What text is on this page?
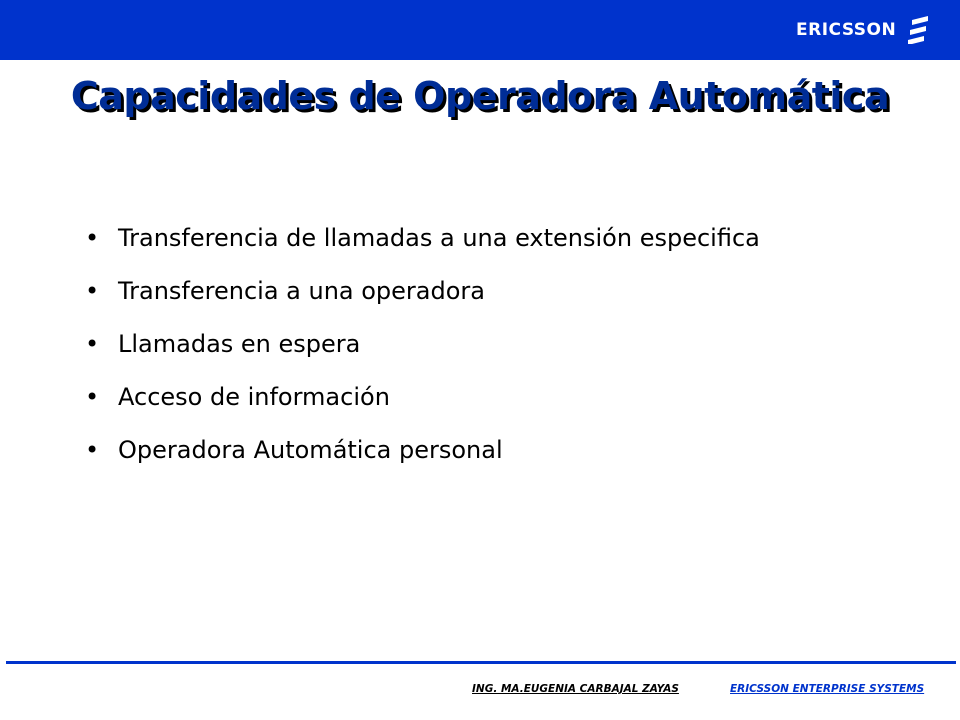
ERICSSON
Capacidades de Operadora Automática
• Transferencia de llamadas a una extensión especifica
• Transferencia a una operadora
• Llamadas en espera
• Acceso de información
• Operadora Automática personal
ING. MA.EUGENIA CARBAJAL ZAYAS	ERICSSON ENTERPRISE SYSTEMS
